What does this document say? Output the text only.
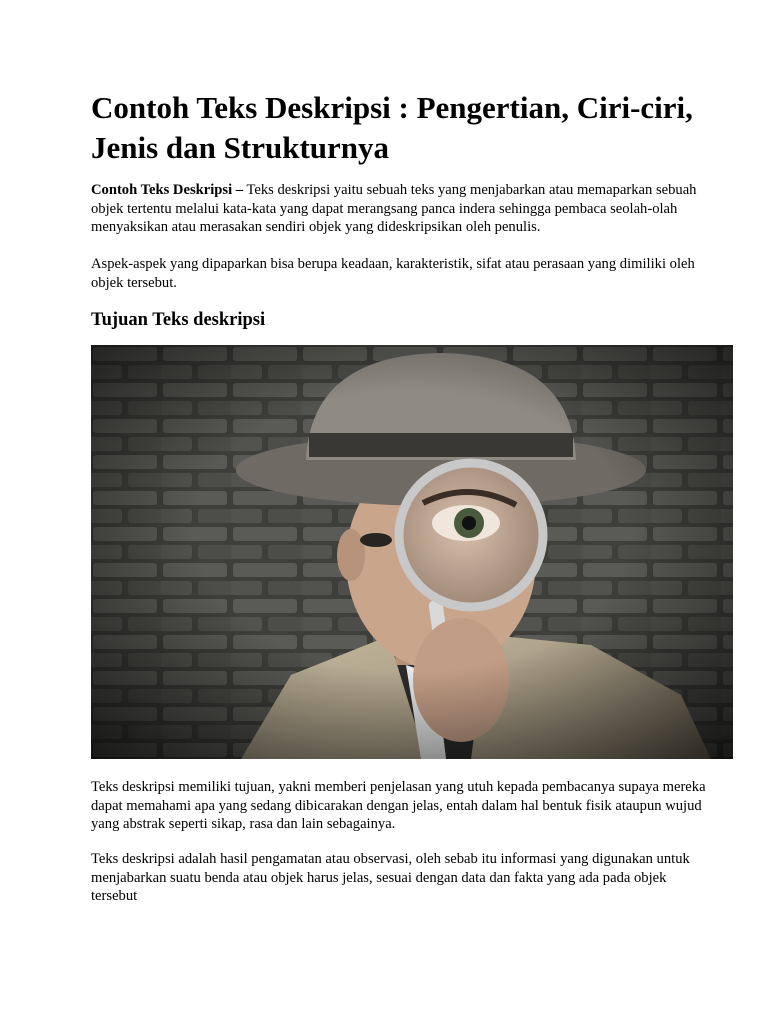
Contoh Teks Deskripsi : Pengertian, Ciri-ciri, Jenis dan Strukturnya

Contoh Teks Deskripsi – Teks deskripsi yaitu sebuah teks yang menjabarkan atau memaparkan sebuah objek tertentu melalui kata-kata yang dapat merangsang panca indera sehingga pembaca seolah-olah menyaksikan atau merasakan sendiri objek yang dideskripsikan oleh penulis.

Aspek-aspek yang dipaparkan bisa berupa keadaan, karakteristik, sifat atau perasaan yang dimiliki oleh objek tersebut.

Tujuan Teks deskripsi

Teks deskripsi memiliki tujuan, yakni memberi penjelasan yang utuh kepada pembacanya supaya mereka dapat memahami apa yang sedang dibicarakan dengan jelas, entah dalam hal bentuk fisik ataupun wujud yang abstrak seperti sikap, rasa dan lain sebagainya.

Teks deskripsi adalah hasil pengamatan atau observasi, oleh sebab itu informasi yang digunakan untuk menjabarkan suatu benda atau objek harus jelas, sesuai dengan data dan fakta yang ada pada objek tersebut
